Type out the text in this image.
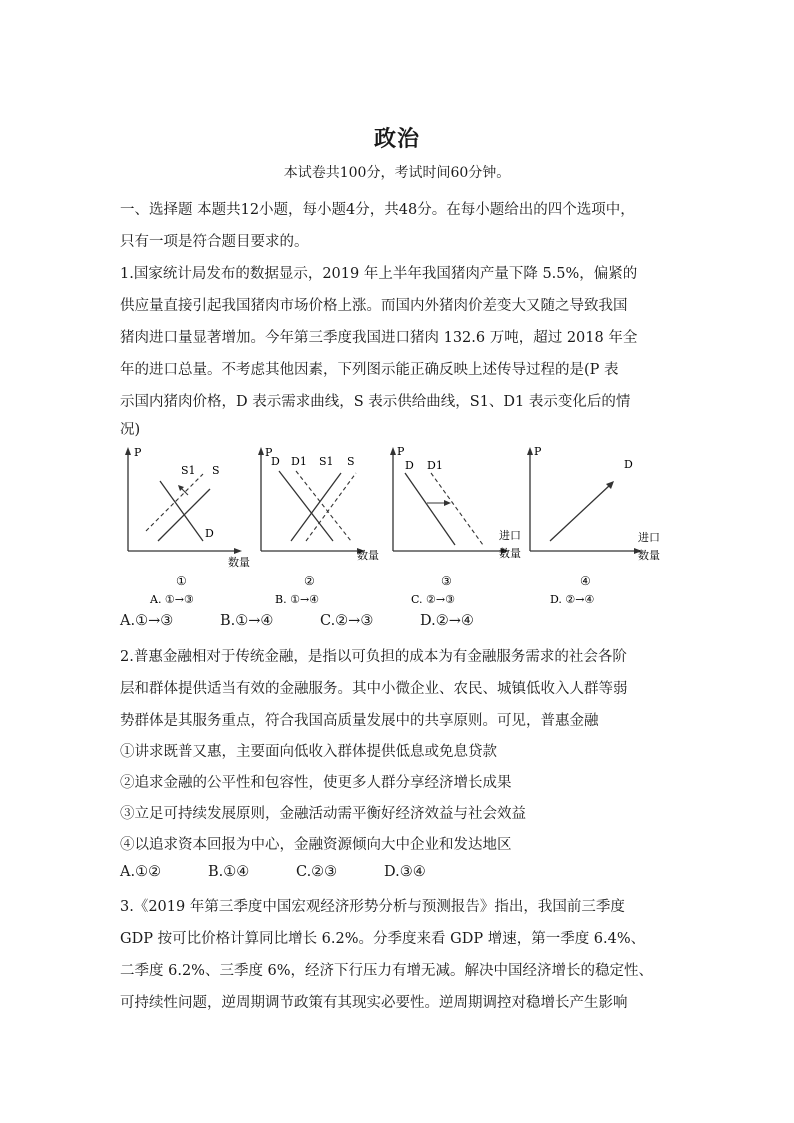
政治
本试卷共100分，考试时间60分钟。
一、选择题 本题共12小题，每小题4分，共48分。在每小题给出的四个选项中，
只有一项是符合题目要求的。
1.国家统计局发布的数据显示，2019 年上半年我国猪肉产量下降 5.5%，偏紧的
供应量直接引起我国猪肉市场价格上涨。而国内外猪肉价差变大又随之导致我国
猪肉进口量显著增加。今年第三季度我国进口猪肉 132.6 万吨，超过 2018 年全
年的进口总量。不考虑其他因素，下列图示能正确反映上述传导过程的是(P 表
示国内猪肉价格，D 表示需求曲线，S 表示供给曲线，S1、D1 表示变化后的情
况)
P
数量
S1 S
D
①
A. ①→③
P
数量
D D1 S1 S
②
B. ①→④
P
进口
数量
D D1
③
C. ②→③
P
进口
数量
D
④
D. ②→④
A.①→③	B.①→④	C.②→③	D.②→④
2.普惠金融相对于传统金融，是指以可负担的成本为有金融服务需求的社会各阶
层和群体提供适当有效的金融服务。其中小微企业、农民、城镇低收入人群等弱
势群体是其服务重点，符合我国高质量发展中的共享原则。可见，普惠金融
①讲求既普又惠，主要面向低收入群体提供低息或免息贷款
②追求金融的公平性和包容性，使更多人群分享经济增长成果
③立足可持续发展原则，金融活动需平衡好经济效益与社会效益
④以追求资本回报为中心，金融资源倾向大中企业和发达地区
A.①②	B.①④	C.②③	D.③④
3.《2019 年第三季度中国宏观经济形势分析与预测报告》指出，我国前三季度
GDP 按可比价格计算同比增长 6.2%。分季度来看 GDP 增速，第一季度 6.4%、
二季度 6.2%、三季度 6%，经济下行压力有增无减。解决中国经济增长的稳定性、
可持续性问题，逆周期调节政策有其现实必要性。逆周期调控对稳增长产生影响
